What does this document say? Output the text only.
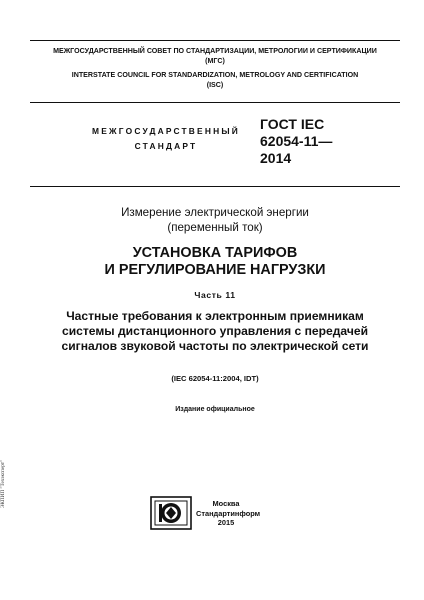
МЕЖГОСУДАРСТВЕННЫЙ СОВЕТ ПО СТАНДАРТИЗАЦИИ, МЕТРОЛОГИИ И СЕРТИФИКАЦИИ
(МГС)
INTERSTATE COUNCIL FOR STANDARDIZATION, METROLOGY AND CERTIFICATION
(ISC)
МЕЖГОСУДАРСТВЕННЫЙ
СТАНДАРТ
ГОСТ IEC
62054-11—
2014
Измерение электрической энергии
(переменный ток)
УСТАНОВКА ТАРИФОВ
И РЕГУЛИРОВАНИЕ НАГРУЗКИ
Часть 11
Частные требования к электронным приемникам
системы дистанционного управления с передачей
сигналов звуковой частоты по электрической сети
(IEC 62054-11:2004, IDT)
Издание официальное
Москва
Стандартинформ
2015
ЭКПИП "Техэксперт"
